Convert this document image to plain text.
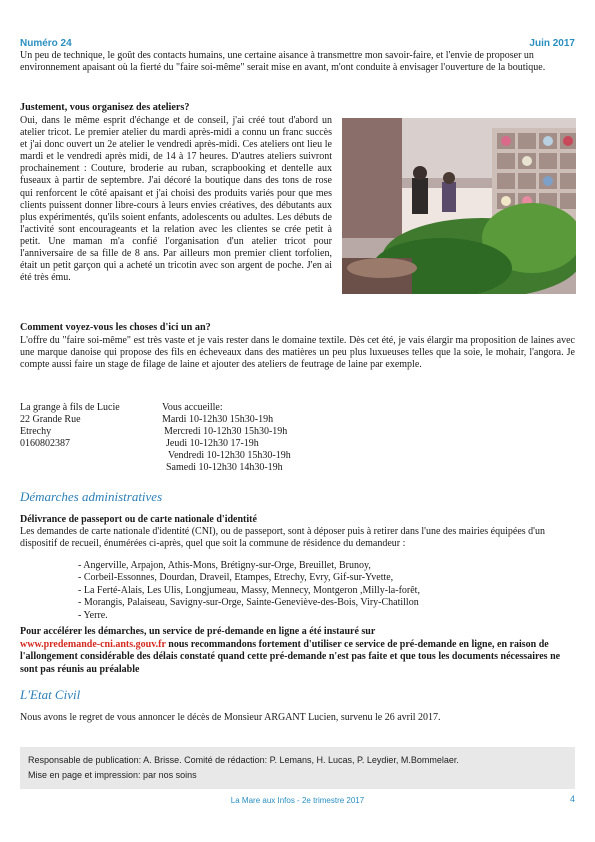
Numéro 24	Juin 2017

Un peu de technique, le goût des contacts humains, une certaine aisance à transmettre mon savoir-faire, et l'envie de proposer un environnement apaisant où la fierté du "faire soi-même" serait mise en avant, m'ont conduite à envisager l'ouverture de la boutique.

Justement, vous organisez des ateliers?

Oui, dans le même esprit d'échange et de conseil, j'ai créé tout d'abord un atelier tricot. Le premier atelier du mardi après-midi a connu un franc succès et j'ai donc ouvert un 2e atelier le vendredi après-midi. Ces ateliers ont lieu le mardi et le vendredi après midi, de 14 à 17 heures. D'autres ateliers suivront prochainement : Couture, broderie au ruban, scrapbooking et dentelle aux fuseaux à partir de septembre. J'ai décoré la boutique dans des tons de rose qui renforcent le côté apaisant et j'ai choisi des produits variés pour que mes clients puissent donner libre-cours à leurs envies créatives, des débutants aux plus expérimentés, qu'ils soient enfants, adolescents ou adultes. Les débuts de l'activité sont encourageants et la relation avec les clientes se crée petit à petit. Une maman m'a confié l'organisation d'un atelier tricot pour l'anniversaire de sa fille de 8 ans. Par ailleurs mon premier client torfolien, était un petit garçon qui a acheté un tricotin avec son argent de poche. J'en ai été très ému.

Comment voyez-vous les choses d'ici un an?

L'offre du "faire soi-même" est très vaste et je vais rester dans le domaine textile. Dès cet été, je vais élargir ma proposition de laines avec une marque danoise qui propose des fils en écheveaux dans des matières un peu plus luxueuses telles que la soie, le mohair, l'angora. Je compte aussi faire un stage de filage de laine et ajouter des ateliers de feutrage de laine par exemple.

La grange à fils de Lucie
22 Grande Rue
Etrechy
0160802387
Vous accueille:
Mardi 10-12h30 15h30-19h
Mercredi 10-12h30 15h30-19h
Jeudi 10-12h30 17-19h
Vendredi 10-12h30 15h30-19h
Samedi 10-12h30 14h30-19h

Démarches administratives

Délivrance de passeport ou de carte nationale d'identité

Les demandes de carte nationale d'identité (CNI), ou de passeport, sont à déposer puis à retirer dans l'une des mairies équipées d'un dispositif de recueil, énumérées ci-après, quel que soit la commune de résidence du demandeur :

- Angerville, Arpajon, Athis-Mons, Brétigny-sur-Orge, Breuillet, Brunoy,
- Corbeil-Essonnes, Dourdan, Draveil, Etampes, Etrechy, Evry, Gif-sur-Yvette,
- La Ferté-Alais, Les Ulis, Longjumeau, Massy, Mennecy, Montgeron ,Milly-la-forêt,
- Morangis, Palaiseau, Savigny-sur-Orge, Sainte-Geneviève-des-Bois, Viry-Chatillon
- Yerre.

Pour accélérer les démarches, un service de pré-demande en ligne a été instauré sur
www.predemande-cni.ants.gouv.fr nous recommandons fortement d'utiliser ce service de pré-demande en ligne, en raison de l'allongement considérable des délais constaté quand cette pré-demande n'est pas faite et que tous les documents nécessaires ne sont pas réunis au préalable

L'Etat Civil

Nous avons le regret de vous annoncer le décès de Monsieur ARGANT Lucien, survenu le 26 avril 2017.

Responsable de publication: A. Brisse. Comité de rédaction: P. Lemans, H. Lucas, P. Leydier, M.Bommelaer.
Mise en page et impression: par nos soins
La Mare aux Infos - 2e trimestre 2017	4
